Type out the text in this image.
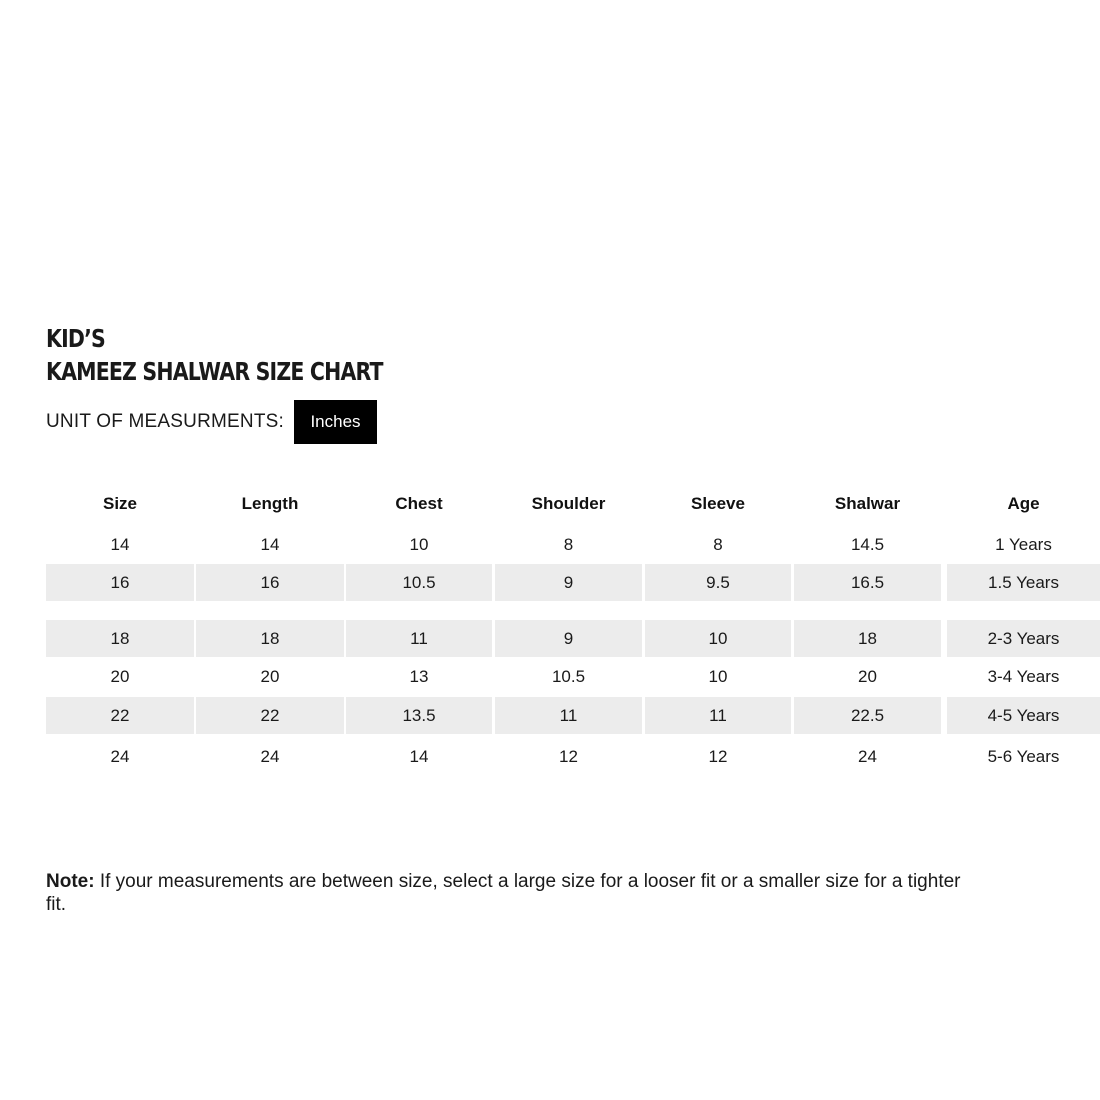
KID’S
KAMEEZ SHALWAR SIZE CHART
UNIT OF MEASURMENTS:	Inches
Size	Length	Chest	Shoulder	Sleeve	Shalwar	Age
14	14	10	8	8	14.5	1 Years
16	16	10.5	9	9.5	16.5	1.5 Years
18	18	11	9	10	18	2-3 Years
20	20	13	10.5	10	20	3-4 Years
22	22	13.5	11	11	22.5	4-5 Years
24	24	14	12	12	24	5-6 Years
Note: If your measurements are between size, select a large size for a looser fit or a smaller size for a tighter fit.
